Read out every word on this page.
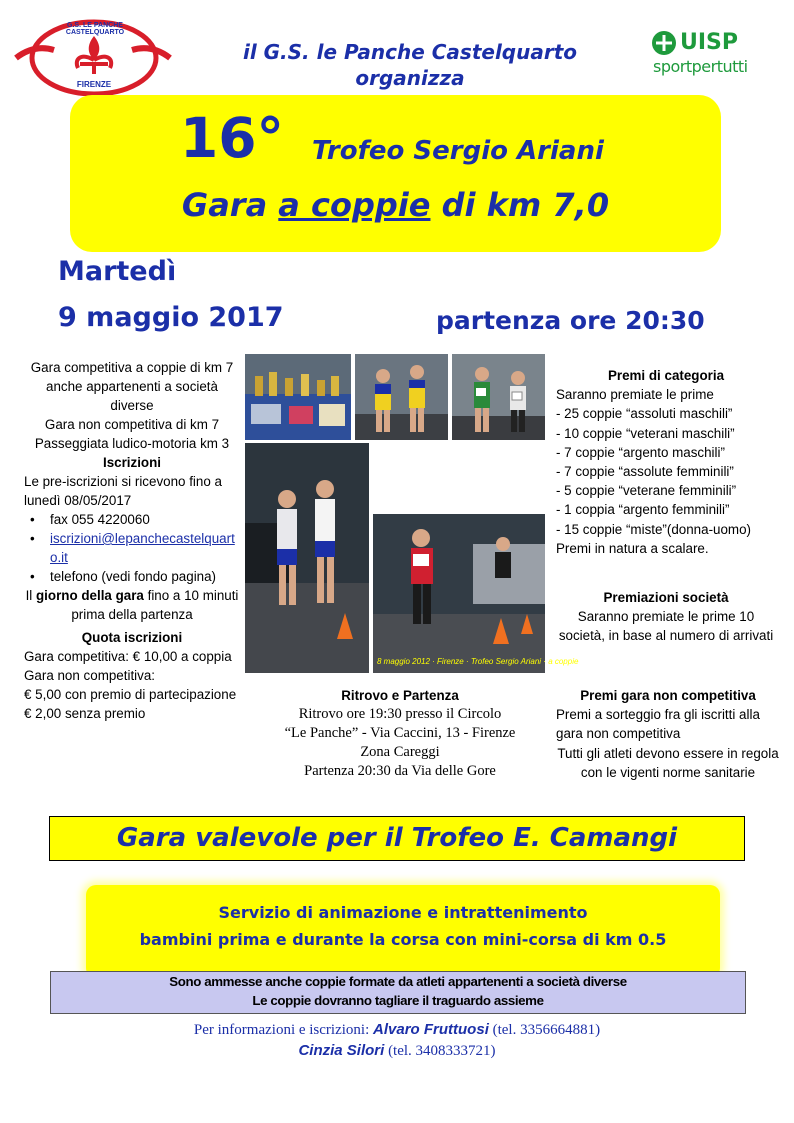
G.S. LE PANCHE CASTELQUARTO
FIRENZE
UISP
sportpertutti
il G.S. le Panche Castelquarto
organizza
16° Trofeo Sergio Ariani
Gara a coppie di km 7,0
Martedì
9 maggio 2017	partenza ore 20:30
Gara competitiva a coppie di km 7 anche appartenenti a società diverse
Gara non competitiva di km 7
Passeggiata ludico-motoria km 3
Iscrizioni
Le pre-iscrizioni si ricevono fino a lunedì 08/05/2017
• fax 055 4220060
• iscrizioni@lepanchecastelquarto.it
• telefono (vedi fondo pagina)
Il giorno della gara fino a 10 minuti prima della partenza
Quota iscrizioni
Gara competitiva: € 10,00 a coppia
Gara non competitiva:
€ 5,00 con premio di partecipazione
€ 2,00 senza premio
8 maggio 2012 · Firenze · Trofeo Sergio Ariani · a coppie
Premi di categoria
Saranno premiate le prime
- 25 coppie “assoluti maschili”
- 10 coppie “veterani maschili”
- 7 coppie “argento maschili”
- 7 coppie “assolute femminili”
- 5 coppie “veterane femminili”
- 1 coppia “argento femminili”
- 15 coppie “miste”(donna-uomo)
Premi in natura a scalare.
Premiazioni società
Saranno premiate le prime 10 società, in base al numero di arrivati
Ritrovo e Partenza
Ritrovo ore 19:30 presso il Circolo
“Le Panche” - Via Caccini, 13 - Firenze
Zona Careggi
Partenza 20:30 da Via delle Gore
Premi gara non competitiva
Premi a sorteggio fra gli iscritti alla gara non competitiva
Tutti gli atleti devono essere in regola con le vigenti norme sanitarie
Gara valevole per il Trofeo E. Camangi
Servizio di animazione e intrattenimento
bambini prima e durante la corsa con mini-corsa di km 0.5
Sono ammesse anche coppie formate da atleti appartenenti a società diverse
Le coppie dovranno tagliare il traguardo assieme
Per informazioni e iscrizioni: Alvaro Fruttuosi (tel. 3356664881)
Cinzia Silori (tel. 3408333721)
